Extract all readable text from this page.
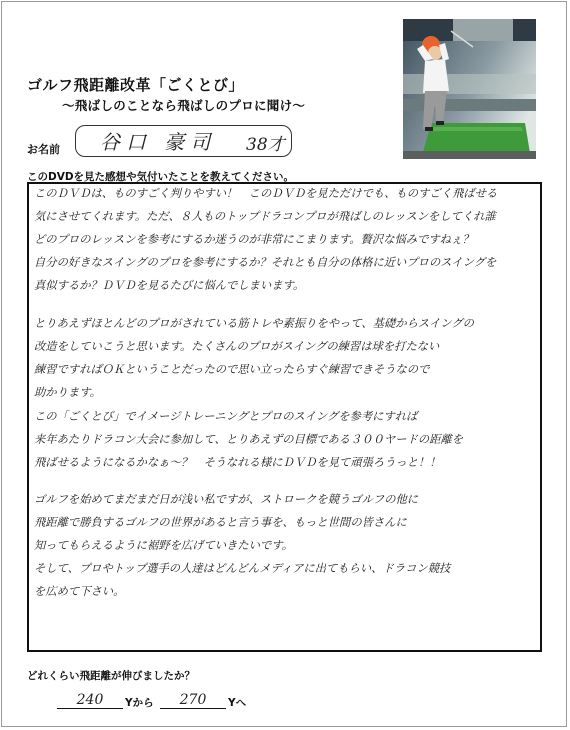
ゴルフ飛距離改革「ごくとび」
～飛ばしのことなら飛ばしのプロに聞け～
お名前 谷口 豪司 38才
このDVDを見た感想や気付いたことを教えてください。
このＤＶＤは、ものすごく判りやすい！　このＤＶＤを見ただけでも、ものすごく飛ばせる
気にさせてくれます。ただ、８人ものトップドラコンプロが飛ばしのレッスンをしてくれ誰
どのプロのレッスンを参考にするか迷うのが非常にこまります。贅沢な悩みですねぇ？
自分の好きなスイングのプロを参考にするか？それとも自分の体格に近いプロのスイングを
真似するか？ＤＶＤを見るたびに悩んでしまいます。
とりあえずほとんどのプロがされている筋トレや素振りをやって、基礎からスイングの
改造をしていこうと思います。たくさんのプロがスイングの練習は球を打たない
練習ですればＯＫということだったので思い立ったらすぐ練習できそうなので
助かります。
この「ごくとび」でイメージトレーニングとプロのスイングを参考にすれば
来年あたりドラコン大会に参加して、とりあえずの目標である３００ヤードの距離を
飛ばせるようになるかなぁ～？　そうなれる様にＤＶＤを見て頑張ろうっと！！
ゴルフを始めてまだまだ日が浅い私ですが、ストロークを競うゴルフの他に
飛距離で勝負するゴルフの世界があると言う事を、もっと世間の皆さんに
知ってもらえるように裾野を広げていきたいです。
そして、プロやトップ選手の人達はどんどんメディアに出てもらい、ドラコン競技
を広めて下さい。
どれくらい飛距離が伸びましたか？
240	Yから	270	Yへ
